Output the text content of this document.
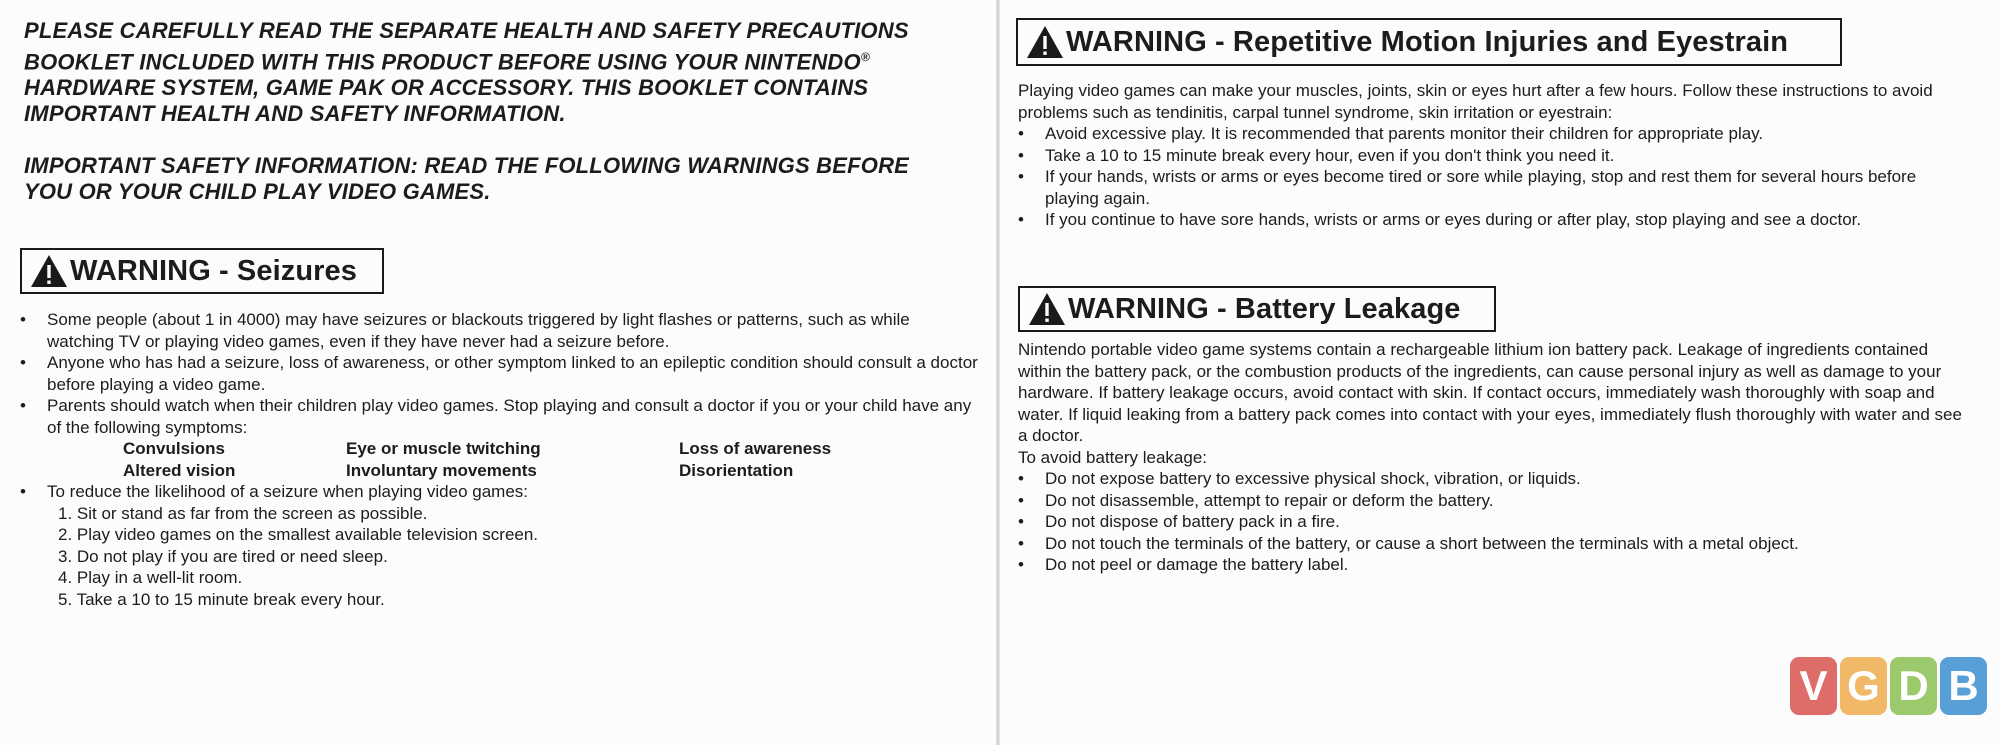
PLEASE CAREFULLY READ THE SEPARATE HEALTH AND SAFETY PRECAUTIONS
BOOKLET INCLUDED WITH THIS PRODUCT BEFORE USING YOUR NINTENDO®
HARDWARE SYSTEM, GAME PAK OR ACCESSORY. THIS BOOKLET CONTAINS
IMPORTANT HEALTH AND SAFETY INFORMATION.

IMPORTANT SAFETY INFORMATION: READ THE FOLLOWING WARNINGS BEFORE
YOU OR YOUR CHILD PLAY VIDEO GAMES.

WARNING - Seizures
• Some people (about 1 in 4000) may have seizures or blackouts triggered by light flashes or patterns, such as while watching TV or playing video games, even if they have never had a seizure before.
• Anyone who has had a seizure, loss of awareness, or other symptom linked to an epileptic condition should consult a doctor before playing a video game.
• Parents should watch when their children play video games. Stop playing and consult a doctor if you or your child have any of the following symptoms:
Convulsions	Eye or muscle twitching	Loss of awareness
Altered vision	Involuntary movements	Disorientation
• To reduce the likelihood of a seizure when playing video games:
1. Sit or stand as far from the screen as possible.
2. Play video games on the smallest available television screen.
3. Do not play if you are tired or need sleep.
4. Play in a well-lit room.
5. Take a 10 to 15 minute break every hour.
WARNING - Repetitive Motion Injuries and Eyestrain

Playing video games can make your muscles, joints, skin or eyes hurt after a few hours. Follow these instructions to avoid problems such as tendinitis, carpal tunnel syndrome, skin irritation or eyestrain:

• Avoid excessive play. It is recommended that parents monitor their children for appropriate play.
• Take a 10 to 15 minute break every hour, even if you don't think you need it.
• If your hands, wrists or arms or eyes become tired or sore while playing, stop and rest them for several hours before playing again.
• If you continue to have sore hands, wrists or arms or eyes during or after play, stop playing and see a doctor.
WARNING - Battery Leakage

Nintendo portable video game systems contain a rechargeable lithium ion battery pack. Leakage of ingredients contained within the battery pack, or the combustion products of the ingredients, can cause personal injury as well as damage to your hardware. If battery leakage occurs, avoid contact with skin. If contact occurs, immediately wash thoroughly with soap and water. If liquid leaking from a battery pack comes into contact with your eyes, immediately flush thoroughly with water and see a doctor.

To avoid battery leakage:

• Do not expose battery to excessive physical shock, vibration, or liquids.
• Do not disassemble, attempt to repair or deform the battery.
• Do not dispose of battery pack in a fire.
• Do not touch the terminals of the battery, or cause a short between the terminals with a metal object.
• Do not peel or damage the battery label.
V G D B
